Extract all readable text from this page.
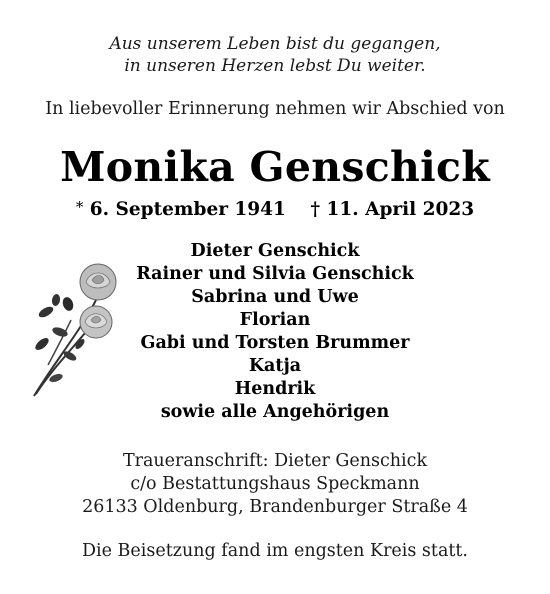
Aus unserem Leben bist du gegangen,
in unseren Herzen lebst Du weiter.
In liebevoller Erinnerung nehmen wir Abschied von
Monika Genschick
* 6. September 1941 † 11. April 2023
Dieter Genschick
Rainer und Silvia Genschick
Sabrina und Uwe
Florian
Gabi und Torsten Brummer
Katja
Hendrik
sowie alle Angehörigen
Traueranschrift: Dieter Genschick
c/o Bestattungshaus Speckmann
26133 Oldenburg, Brandenburger Straße 4
Die Beisetzung fand im engsten Kreis statt.
